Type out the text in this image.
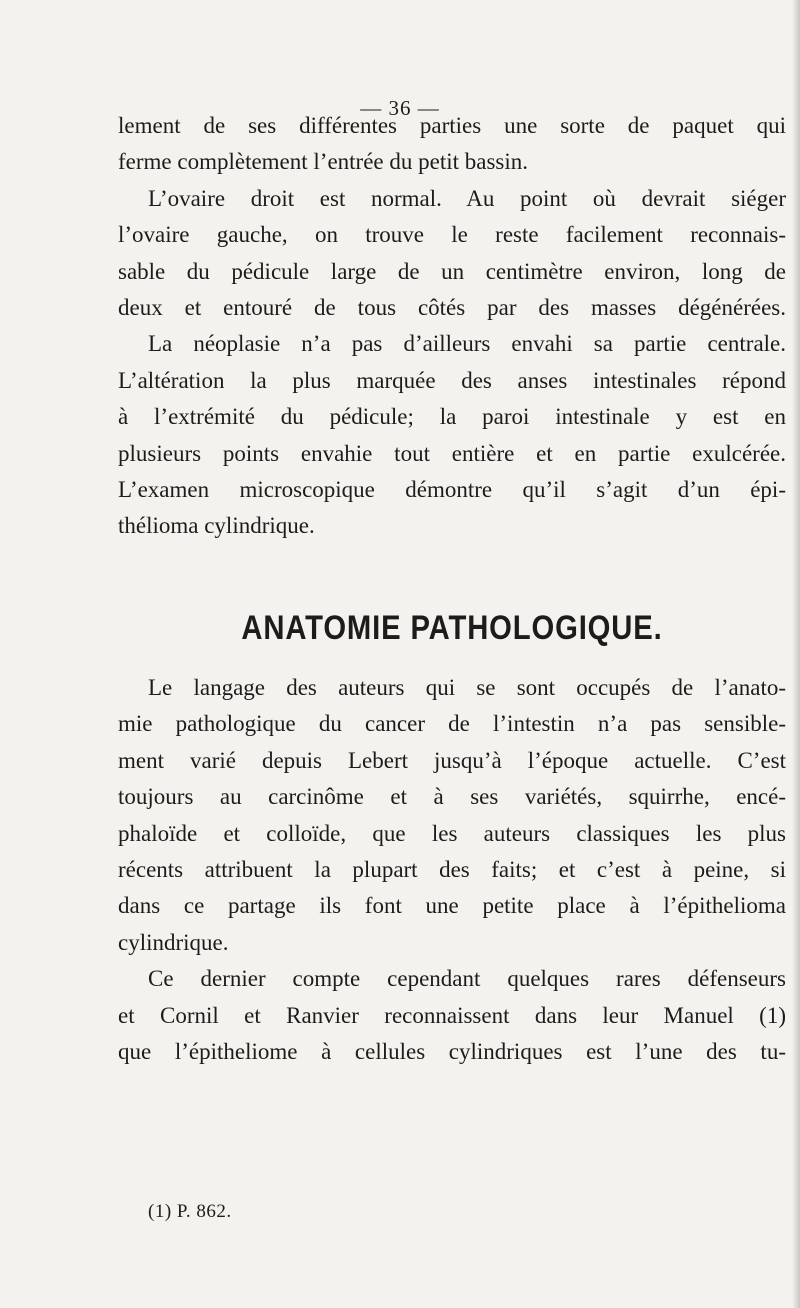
— 36 —
lement de ses différentes parties une sorte de paquet qui
ferme complètement l’entrée du petit bassin.
L’ovaire droit est normal. Au point où devrait siéger
l’ovaire gauche, on trouve le reste facilement reconnais-
sable du pédicule large de un centimètre environ, long de
deux et entouré de tous côtés par des masses dégénérées.
La néoplasie n’a pas d’ailleurs envahi sa partie centrale.
L’altération la plus marquée des anses intestinales répond
à l’extrémité du pédicule; la paroi intestinale y est en
plusieurs points envahie tout entière et en partie exulcérée.
L’examen microscopique démontre qu’il s’agit d’un épi-
thélioma cylindrique.
ANATOMIE PATHOLOGIQUE.
Le langage des auteurs qui se sont occupés de l’anato-
mie pathologique du cancer de l’intestin n’a pas sensible-
ment varié depuis Lebert jusqu’à l’époque actuelle. C’est
toujours au carcinôme et à ses variétés, squirrhe, encé-
phaloïde et colloïde, que les auteurs classiques les plus
récents attribuent la plupart des faits; et c’est à peine, si
dans ce partage ils font une petite place à l’épithelioma
cylindrique.
Ce dernier compte cependant quelques rares défenseurs
et Cornil et Ranvier reconnaissent dans leur Manuel (1)
que l’épitheliome à cellules cylindriques est l’une des tu-
(1) P. 862.
